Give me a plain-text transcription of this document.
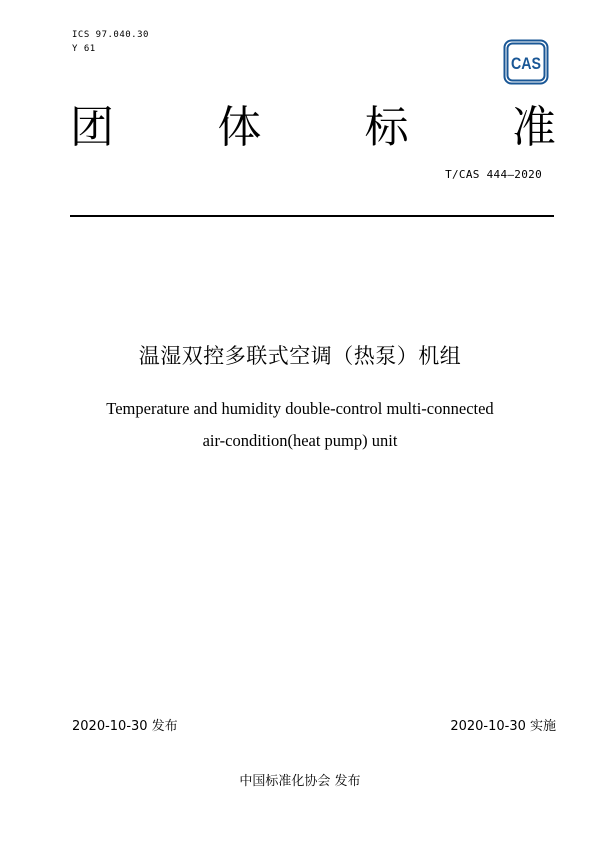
ICS 97.040.30
Y 61
CAS
团 体 标 准
T/CAS 444—2020
温湿双控多联式空调（热泵）机组
Temperature and humidity double-control multi-connected
air-condition(heat pump) unit
2020-10-30 发布	2020-10-30 实施
中国标准化协会 发布
